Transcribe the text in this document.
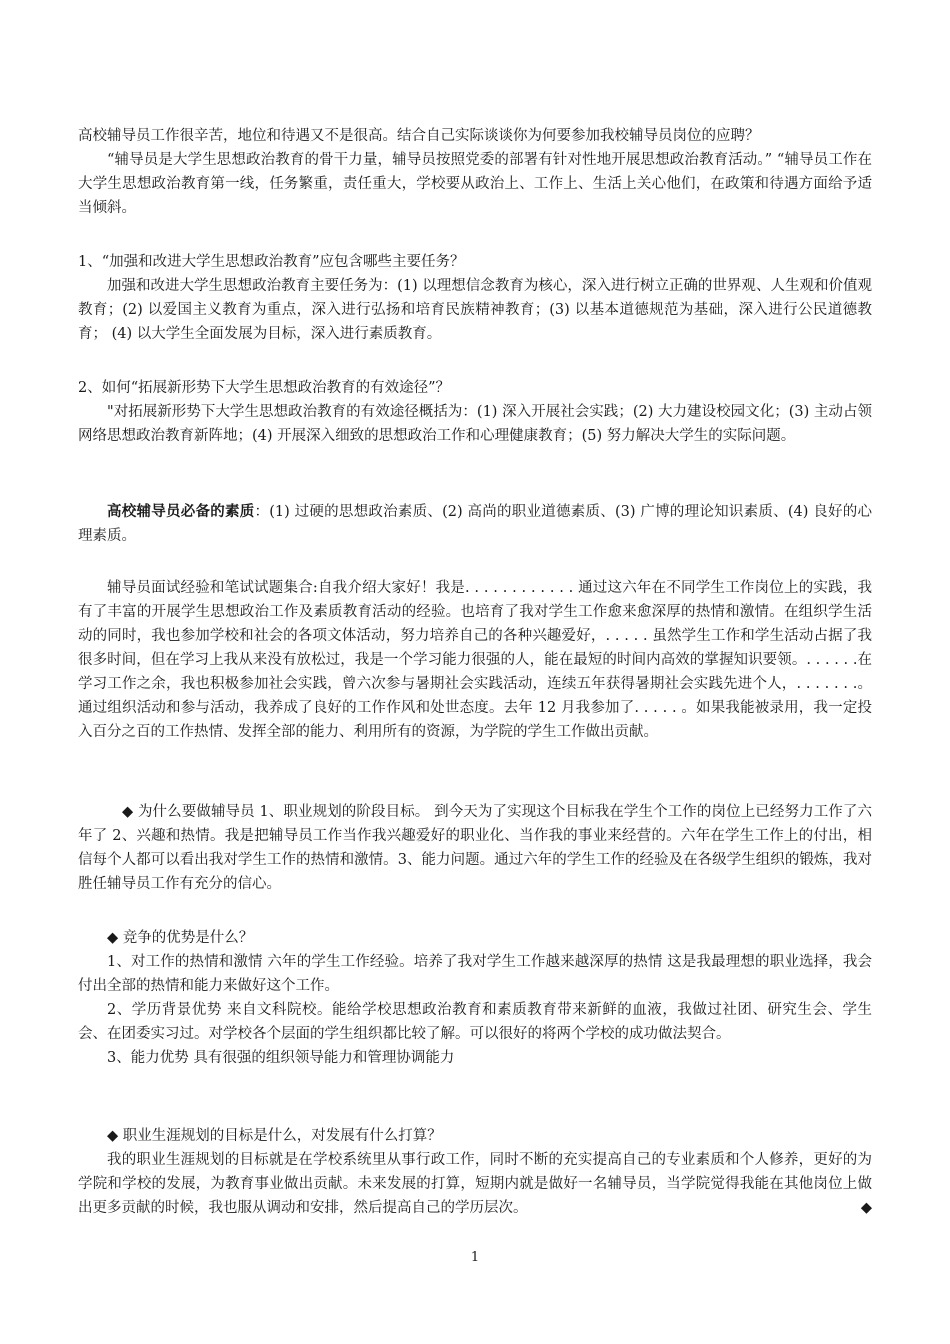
高校辅导员工作很辛苦，地位和待遇又不是很高。结合自己实际谈谈你为何要参加我校辅导员岗位的应聘？

“辅导员是大学生思想政治教育的骨干力量，辅导员按照党委的部署有针对性地开展思想政治教育活动。” “辅导员工作在大学生思想政治教育第一线，任务繁重，责任重大，学校要从政治上、工作上、生活上关心他们，在政策和待遇方面给予适当倾斜。

1、“加强和改进大学生思想政治教育”应包含哪些主要任务？

加强和改进大学生思想政治教育主要任务为：(1) 以理想信念教育为核心，深入进行树立正确的世界观、人生观和价值观教育；(2) 以爱国主义教育为重点，深入进行弘扬和培育民族精神教育；(3) 以基本道德规范为基础，深入进行公民道德教育； (4) 以大学生全面发展为目标，深入进行素质教育。

2、如何“拓展新形势下大学生思想政治教育的有效途径”？

"对拓展新形势下大学生思想政治教育的有效途径概括为：(1) 深入开展社会实践；(2) 大力建设校园文化；(3) 主动占领网络思想政治教育新阵地；(4) 开展深入细致的思想政治工作和心理健康教育；(5) 努力解决大学生的实际问题。

高校辅导员必备的素质：(1) 过硬的思想政治素质、(2) 高尚的职业道德素质、(3) 广博的理论知识素质、(4) 良好的心理素质。

辅导员面试经验和笔试试题集合:自我介绍大家好！我是. . . . . . . . . . . . 通过这六年在不同学生工作岗位上的实践，我有了丰富的开展学生思想政治工作及素质教育活动的经验。也培育了我对学生工作愈来愈深厚的热情和激情。在组织学生活动的同时，我也参加学校和社会的各项文体活动，努力培养自己的各种兴趣爱好，. . . . . 虽然学生工作和学生活动占据了我很多时间，但在学习上我从来没有放松过，我是一个学习能力很强的人，能在最短的时间内高效的掌握知识要领。. . . . . .在学习工作之余，我也积极参加社会实践，曾六次参与暑期社会实践活动，连续五年获得暑期社会实践先进个人，. . . . . . .。通过组织活动和参与活动，我养成了良好的工作作风和处世态度。去年 12 月我参加了. . . . . 。如果我能被录用，我一定投入百分之百的工作热情、发挥全部的能力、利用所有的资源，为学院的学生工作做出贡献。

◆ 为什么要做辅导员 1、职业规划的阶段目标。 到今天为了实现这个目标我在学生个工作的岗位上已经努力工作了六年了 2、兴趣和热情。我是把辅导员工作当作我兴趣爱好的职业化、当作我的事业来经营的。六年在学生工作上的付出，相信每个人都可以看出我对学生工作的热情和激情。3、能力问题。通过六年的学生工作的经验及在各级学生组织的锻炼，我对胜任辅导员工作有充分的信心。

◆ 竞争的优势是什么？

1、对工作的热情和激情 六年的学生工作经验。培养了我对学生工作越来越深厚的热情 这是我最理想的职业选择，我会付出全部的热情和能力来做好这个工作。

2、学历背景优势 来自文科院校。能给学校思想政治教育和素质教育带来新鲜的血液，我做过社团、研究生会、学生会、在团委实习过。对学校各个层面的学生组织都比较了解。可以很好的将两个学校的成功做法契合。

3、能力优势 具有很强的组织领导能力和管理协调能力

◆ 职业生涯规划的目标是什么，对发展有什么打算？

我的职业生涯规划的目标就是在学校系统里从事行政工作，同时不断的充实提高自己的专业素质和个人修养，更好的为学院和学校的发展，为教育事业做出贡献。未来发展的打算，短期内就是做好一名辅导员，当学院觉得我能在其他岗位上做出更多贡献的时候，我也服从调动和安排，然后提高自己的学历层次。	◆

1
